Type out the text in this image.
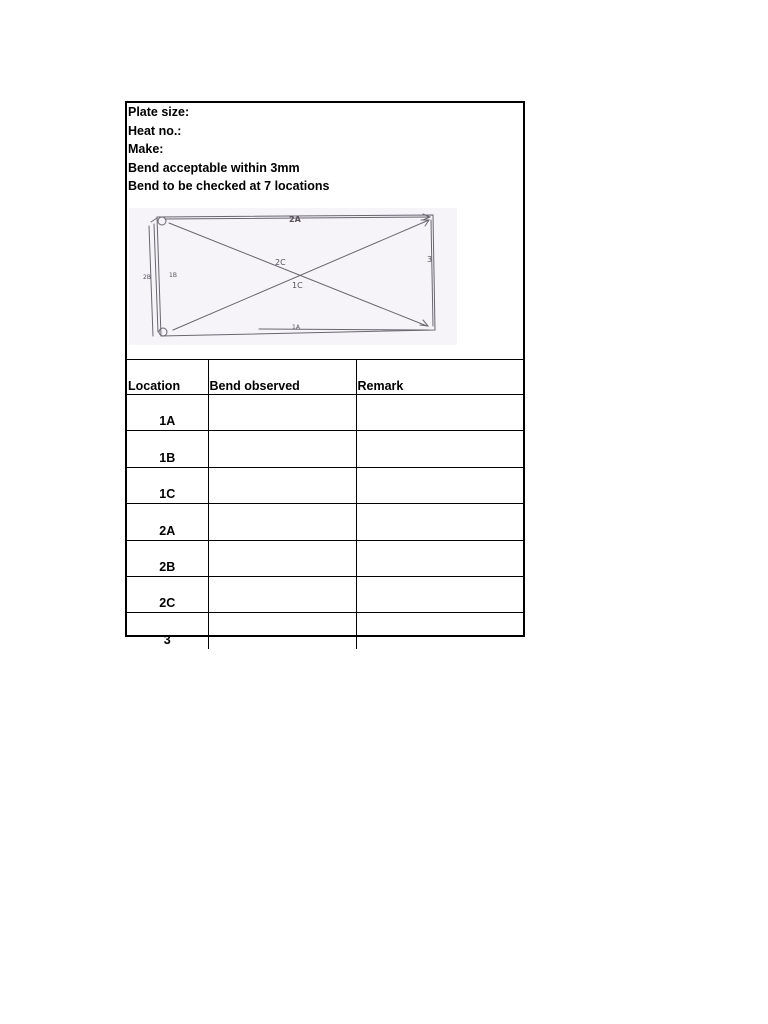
Plate size:
Heat no.:
Make:
Bend acceptable within 3mm
Bend to be checked at 7 locations
2A
3
2C
1C
1A
2B	1B
Location	Bend observed	Remark
1A		
1B		
1C		
2A		
2B		
2C		
3		
